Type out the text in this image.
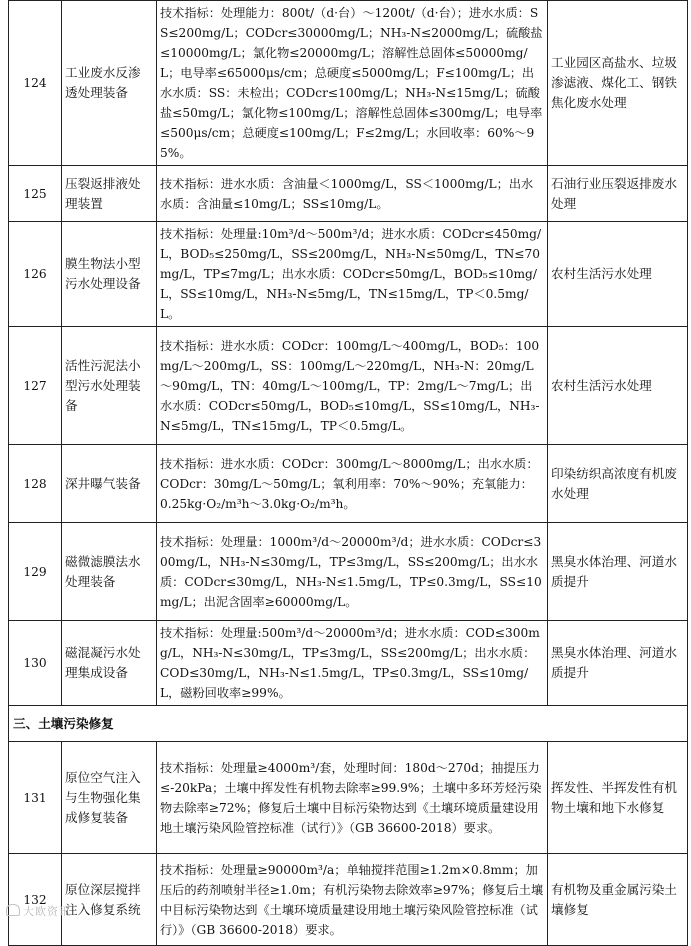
124	工业废水反渗透处理装备	技术指标：处理能力：800t/（d·台）～1200t/（d·台）；进水水质：SS≤200mg/L；CODcr≤30000mg/L；NH₃-N≤2000mg/L；硫酸盐≤10000mg/L；氯化物≤20000mg/L；溶解性总固体≤50000mg/L；电导率≤65000μs/cm；总硬度≤5000mg/L；F≤100mg/L；出水水质：SS：未检出；CODcr≤100mg/L；NH₃-N≤15mg/L；硫酸盐≤50mg/L；氯化物≤100mg/L；溶解性总固体≤300mg/L；电导率≤500μs/cm；总硬度≤100mg/L；F≤2mg/L；水回收率：60%～95%。	工业园区高盐水、垃圾渗滤液、煤化工、钢铁焦化废水处理
125	压裂返排液处理装置	技术指标：进水水质：含油量＜1000mg/L，SS＜1000mg/L；出水水质：含油量≤10mg/L；SS≤10mg/L。	石油行业压裂返排废水处理
126	膜生物法小型污水处理设备	技术指标：处理量:10m³/d～500m³/d；进水水质：CODcr≤450mg/L，BOD₅≤250mg/L，SS≤200mg/L，NH₃-N≤50mg/L，TN≤70mg/L，TP≤7mg/L；出水水质：CODcr≤50mg/L，BOD₅≤10mg/L，SS≤10mg/L，NH₃-N≤5mg/L，TN≤15mg/L，TP＜0.5mg/L。	农村生活污水处理
127	活性污泥法小型污水处理装备	技术指标：进水水质：CODcr：100mg/L～400mg/L，BOD₅：100mg/L～200mg/L，SS：100mg/L～220mg/L，NH₃-N：20mg/L～90mg/L，TN：40mg/L～100mg/L，TP：2mg/L～7mg/L；出水水质：CODcr≤50mg/L，BOD₅≤10mg/L，SS≤10mg/L，NH₃-N≤5mg/L，TN≤15mg/L，TP＜0.5mg/L。	农村生活污水处理
128	深井曝气装备	技术指标：进水水质：CODcr：300mg/L～8000mg/L；出水水质：CODcr：30mg/L～50mg/L；氧利用率：70%～90%；充氧能力：0.25kg·O₂/m³h～3.0kg·O₂/m³h。	印染纺织高浓度有机废水处理
129	磁微滤膜法水处理装备	技术指标：处理量：1000m³/d～20000m³/d；进水水质：CODcr≤300mg/L，NH₃-N≤30mg/L，TP≤3mg/L，SS≤200mg/L；出水水质：CODcr≤30mg/L，NH₃-N≤1.5mg/L，TP≤0.3mg/L，SS≤10mg/L；出泥含固率≥60000mg/L。	黑臭水体治理、河道水质提升
130	磁混凝污水处理集成设备	技术指标：处理量:500m³/d～20000m³/d；进水水质：COD≤300mg/L，NH₃-N≤30mg/L，TP≤3mg/L，SS≤200mg/L；出水水质：COD≤30mg/L，NH₃-N≤1.5mg/L，TP≤0.3mg/L，SS≤10mg/L，磁粉回收率≥99%。	黑臭水体治理、河道水质提升
三、土壤污染修复			
131	原位空气注入与生物强化集成修复装备	技术指标：处理量≥4000m³/套，处理时间：180d～270d；抽提压力≤-20kPa；土壤中挥发性有机物去除率≥99.9%；土壤中多环芳烃污染物去除率≥72%；修复后土壤中目标污染物达到《土壤环境质量建设用地土壤污染风险管控标准（试行）》（GB 36600-2018）要求。	挥发性、半挥发性有机物土壤和地下水修复
132	原位深层搅拌注入修复系统	技术指标：处理量≥90000m³/a；单轴搅拌范围≥1.2m×0.8mm；加压后的药剂喷射半径≥1.0m；有机污染物去除效率≥97%；修复后土壤中目标污染物达到《土壤环境质量建设用地土壤污染风险管控标准（试行）》（GB 36600-2018）要求。	有机物及重金属污染土壤修复
大欧资讯
